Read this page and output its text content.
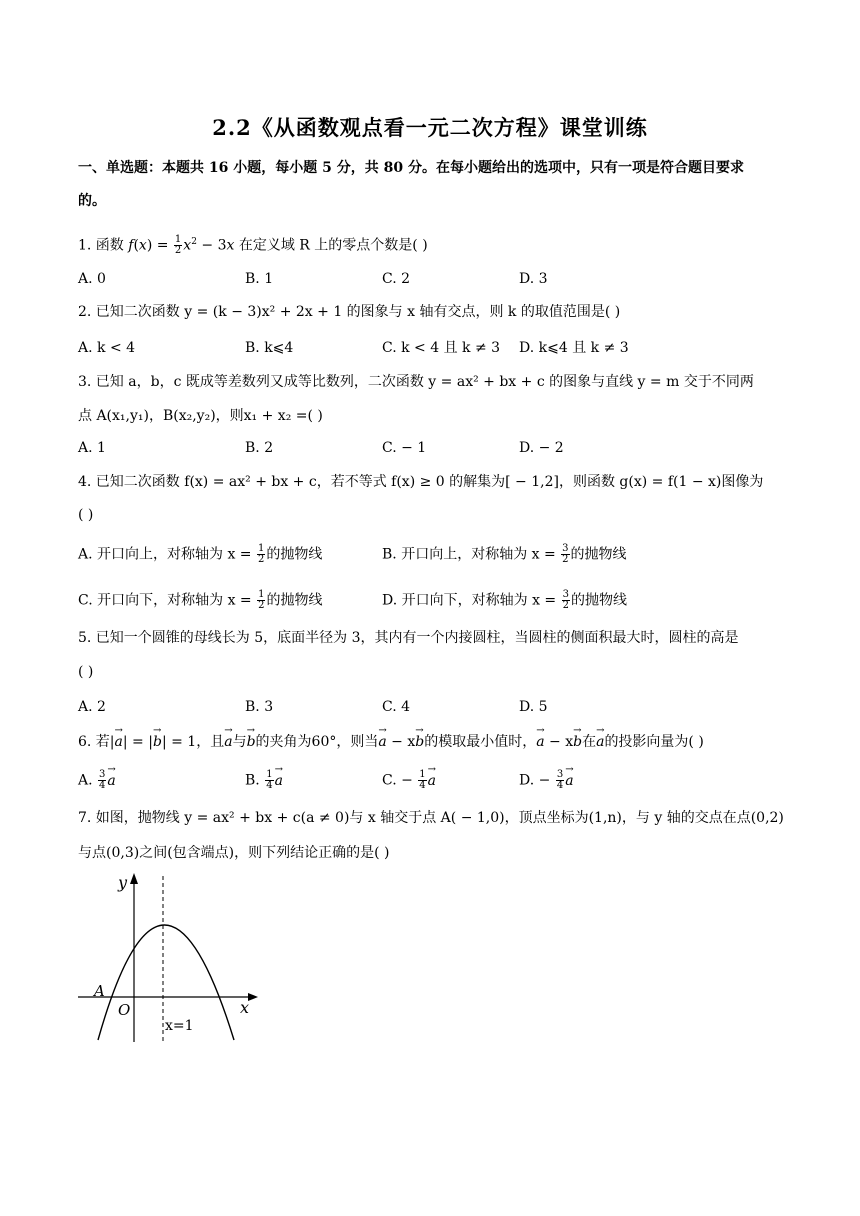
2.2《从函数观点看一元二次方程》课堂训练
一、单选题：本题共 16 小题，每小题 5 分，共 80 分。在每小题给出的选项中，只有一项是符合题目要求
的。
1. 函数 $f(x) = \frac{1}{2} x^2 - 3x$ 在定义域 R 上的零点个数是( )
A. 0	B. 1	C. 2	D. 3
2. 已知二次函数 y = (k − 3)x² + 2x + 1 的图象与 x 轴有交点，则 k 的取值范围是( )
A. k < 4	B. k⩽4	C. k < 4 且 k ≠ 3 D. k⩽4 且 k ≠ 3
3. 已知 a，b，c 既成等差数列又成等比数列，二次函数 y = ax² + bx + c 的图象与直线 y = m 交于不同两
点 A(x₁,y₁)，B(x₂,y₂)，则x₁ + x₂ =( )
A. 1	B. 2	C. − 1	D. − 2
4. 已知二次函数 f(x) = ax² + bx + c，若不等式 f(x) ≥ 0 的解集为[ − 1,2]，则函数 g(x) = f(1 − x)图像为
( )
A. 开口向上，对称轴为 $x = \frac{1}{2}$ 的抛物线	B. 开口向上，对称轴为 $x = \frac{3}{2}$ 的抛物线
C. 开口向下，对称轴为 $x = \frac{1}{2}$ 的抛物线	D. 开口向下，对称轴为 $x = \frac{3}{2}$ 的抛物线
5. 已知一个圆锥的母线长为 5，底面半径为 3，其内有一个内接圆柱，当圆柱的侧面积最大时，圆柱的高是
( )
A. 2	B. 3	C. 4	D. 5
6. 若|→ a| = |→ b| = 1，且→ a与→ b的夹角为60°，则当→ a − x→ b的模取最小值时，→ a − x→ b在→ a的投影向量为( )
A. $\frac{3}{4}$
→ a	B. $\frac{1}{4}$
→ a	C. − $\frac{1}{4}$
→ a	D. − $\frac{3}{4}$
→ a
7. 如图，抛物线 y = ax² + bx + c(a ≠ 0)与 x 轴交于点 A( − 1,0)，顶点坐标为(1,n)，与 y 轴的交点在点(0,2)
与点(0,3)之间(包含端点)，则下列结论正确的是( )
y
x
O
A
x=1
